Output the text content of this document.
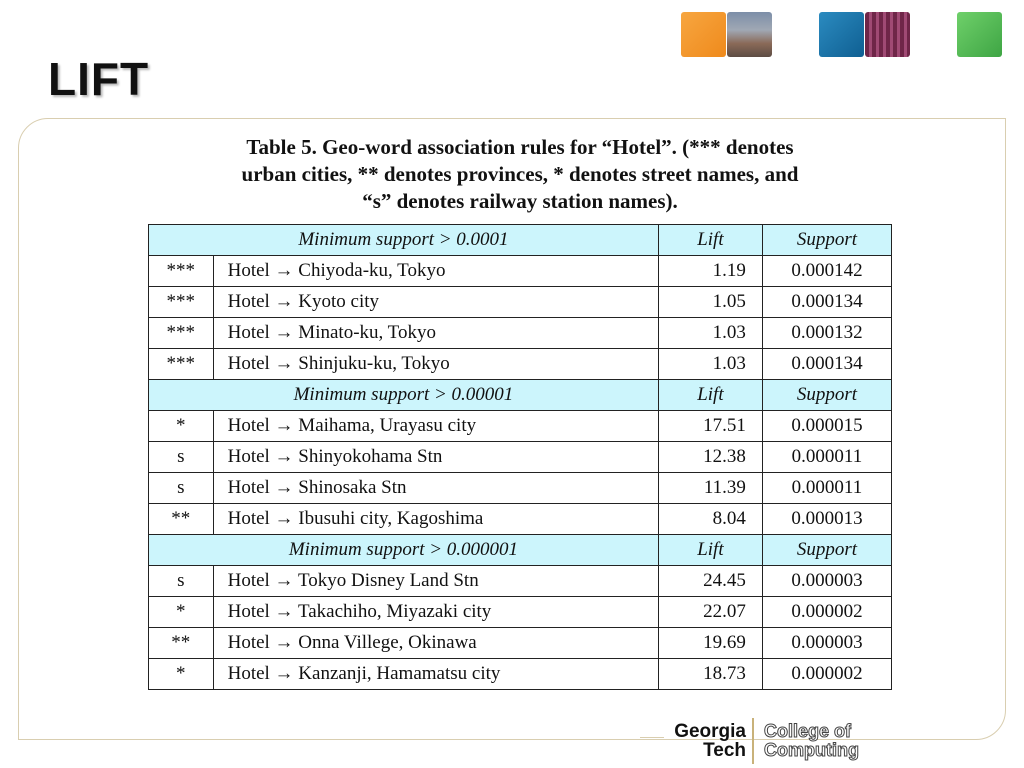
LIFT
Table 5. Geo-word association rules for “Hotel”. (*** denotes
urban cities, ** denotes provinces, * denotes street names, and
“s” denotes railway station names).
Minimum support > 0.0001		Lift	Support
***	Hotel → Chiyoda-ku, Tokyo	1.19	0.000142
***	Hotel → Kyoto city	1.05	0.000134
***	Hotel → Minato-ku, Tokyo	1.03	0.000132
***	Hotel → Shinjuku-ku, Tokyo	1.03	0.000134
Minimum support > 0.00001		Lift	Support
*	Hotel → Maihama, Urayasu city	17.51	0.000015
s	Hotel → Shinyokohama Stn	12.38	0.000011
s	Hotel → Shinosaka Stn	11.39	0.000011
**	Hotel → Ibusuhi city, Kagoshima	8.04	0.000013
Minimum support > 0.000001		Lift	Support
s	Hotel → Tokyo Disney Land Stn	24.45	0.000003
*	Hotel → Takachiho, Miyazaki city	22.07	0.000002
**	Hotel → Onna Villege, Okinawa	19.69	0.000003
*	Hotel → Kanzanji, Hamamatsu city	18.73	0.000002
Georgia
Tech
College of
Computing
